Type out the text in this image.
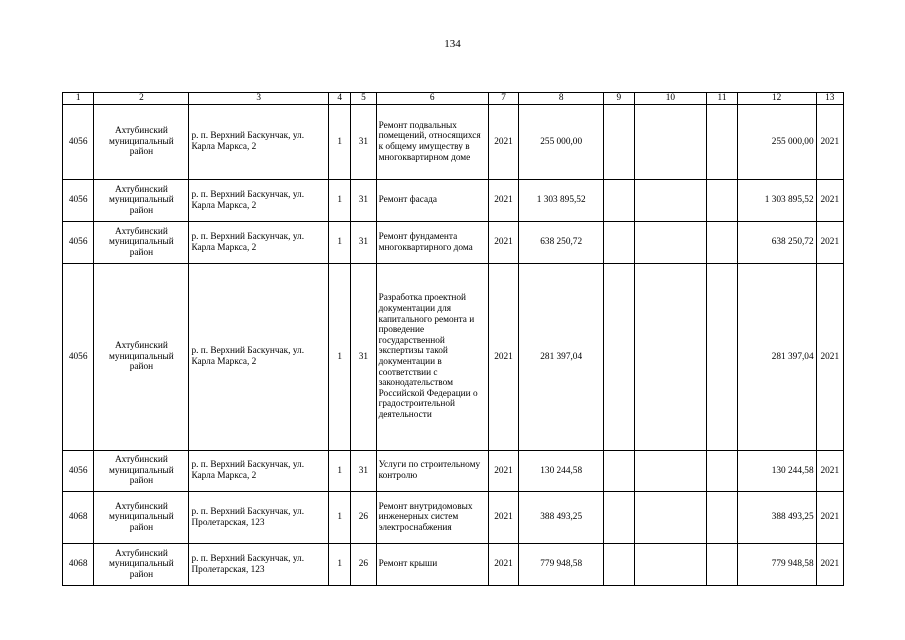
134
1	2	3	4	5	6	7	8	9	10	11	12	13
4056	Ахтубинский муниципальный район	р. п. Верхний Баскунчак, ул. Карла Маркса, 2	1	31	Ремонт подвальных помещений, относящихся к общему имуществу в многоквартирном доме	2021	255 000,00				255 000,00	2021
4056	Ахтубинский муниципальный район	р. п. Верхний Баскунчак, ул. Карла Маркса, 2	1	31	Ремонт фасада	2021	1 303 895,52				1 303 895,52	2021
4056	Ахтубинский муниципальный район	р. п. Верхний Баскунчак, ул. Карла Маркса, 2	1	31	Ремонт фундамента многоквартирного дома	2021	638 250,72				638 250,72	2021
4056	Ахтубинский муниципальный район	р. п. Верхний Баскунчак, ул. Карла Маркса, 2	1	31	Разработка проектной документации для капитального ремонта и проведение государственной экспертизы такой документации в соответствии с законодательством Российской Федерации о градостроительной деятельности	2021	281 397,04				281 397,04	2021
4056	Ахтубинский муниципальный район	р. п. Верхний Баскунчак, ул. Карла Маркса, 2	1	31	Услуги по строительному контролю	2021	130 244,58				130 244,58	2021
4068	Ахтубинский муниципальный район	р. п. Верхний Баскунчак, ул. Пролетарская, 123	1	26	Ремонт внутридомовых инженерных систем электроснабжения	2021	388 493,25				388 493,25	2021
4068	Ахтубинский муниципальный район	р. п. Верхний Баскунчак, ул. Пролетарская, 123	1	26	Ремонт крыши	2021	779 948,58				779 948,58	2021
